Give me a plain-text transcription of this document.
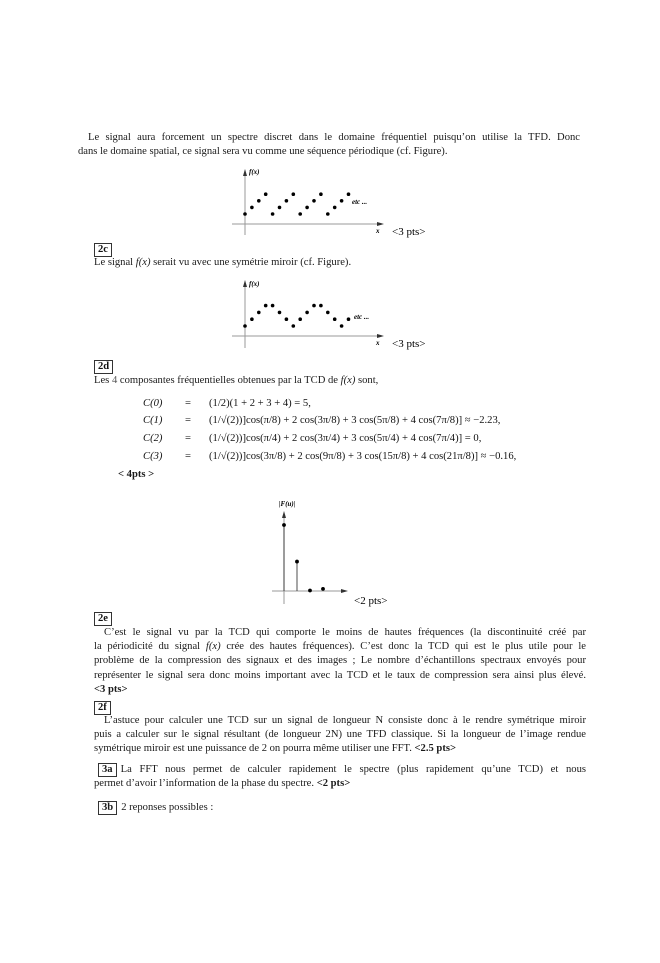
Le signal aura forcement un spectre discret dans le domaine fréquentiel puisqu’on utilise la TFD. Donc
dans le domaine spatial, ce signal sera vu comme une séquence périodique (cf. Figure).
f(x)
x
etc ...
<3 pts>
2c
Le signal f(x) serait vu avec une symétrie miroir (cf. Figure).
f(x)
x
etc ...
<3 pts>
2d
Les 4 composantes fréquentielles obtenues par la TCD de f(x) sont,
C(0) = (1/2)(1 + 2 + 3 + 4) = 5,
C(1) = (1/√(2))]cos(π/8) + 2 cos(3π/8) + 3 cos(5π/8) + 4 cos(7π/8)] ≈ −2.23,
C(2) = (1/√(2))]cos(π/4) + 2 cos(3π/4) + 3 cos(5π/4) + 4 cos(7π/4)] = 0,
C(3) = (1/√(2))]cos(3π/8) + 2 cos(9π/8) + 3 cos(15π/8) + 4 cos(21π/8)] ≈ −0.16,
< 4pts >
|F(u)|
<2 pts>
2e
C’est le signal vu par la TCD qui comporte le moins de hautes fréquences (la discontinuité créé par
la périodicité du signal f(x) crée des hautes fréquences). C’est donc la TCD qui est le plus utile pour le
problème de la compression des signaux et des images ; Le nombre d’échantillons spectraux envoyés pour
représenter le signal sera donc moins important avec la TCD et le taux de compression sera ainsi plus élevé.
<3 pts>
2f
L’astuce pour calculer une TCD sur un signal de longueur N consiste donc à le rendre symétrique miroir
puis a calculer sur le signal résultant (de longueur 2N) une TFD classique. Si la longueur de l’image rendue
symétrique miroir est une puissance de 2 on pourra même utiliser une FFT. <2.5 pts>
3a La FFT nous permet de calculer rapidement le spectre (plus rapidement qu’une TCD) et nous
permet d’avoir l’information de la phase du spectre. <2 pts>
3b 2 reponses possibles :
